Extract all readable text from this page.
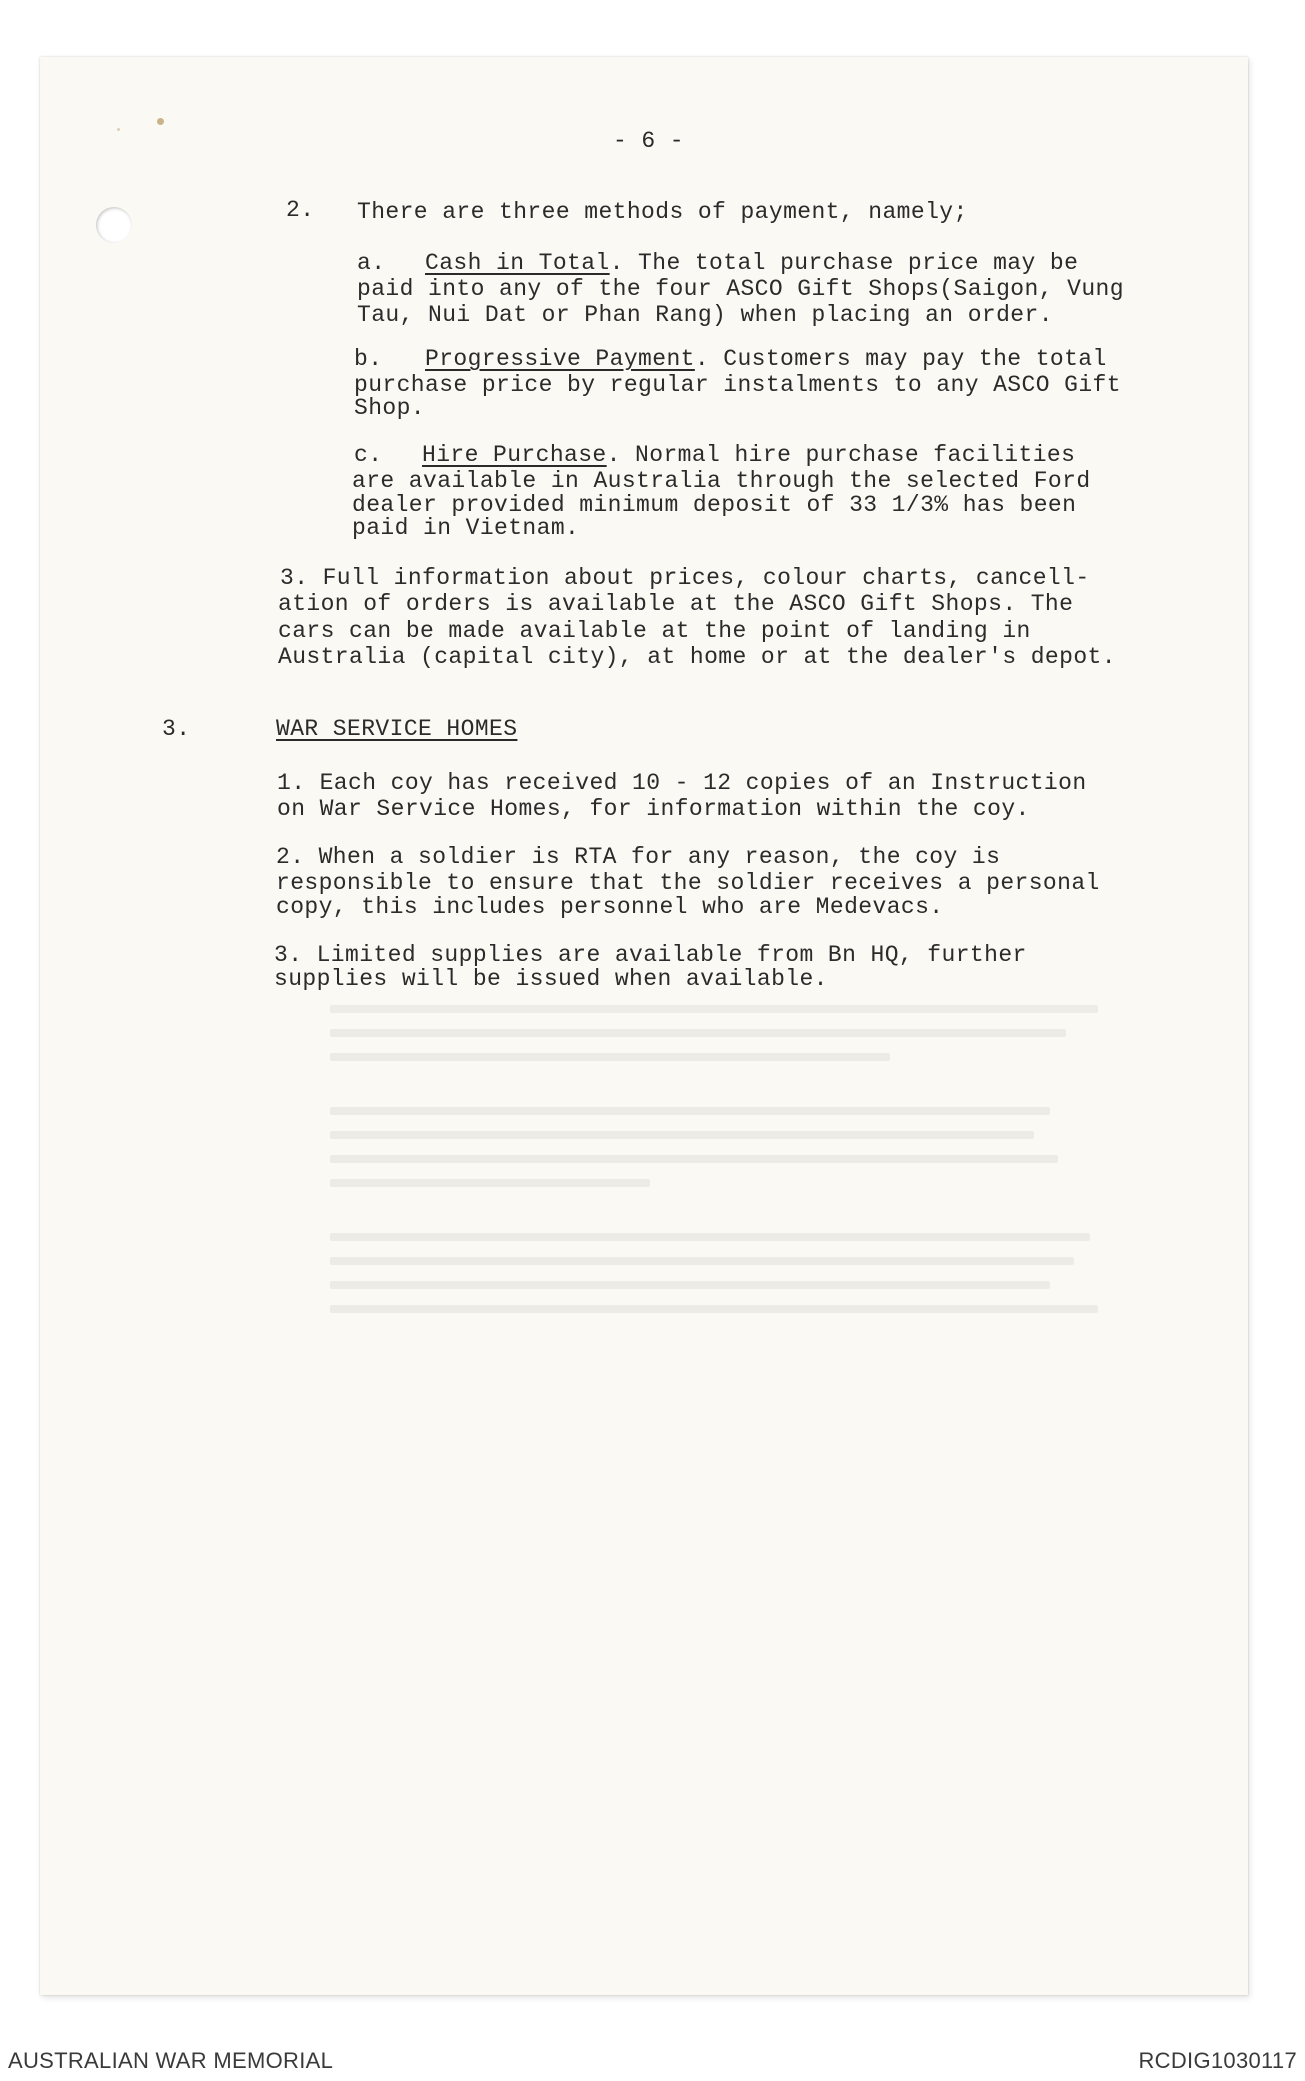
- 6 -
2. There are three methods of payment, namely;
a. Cash in Total. The total purchase price may be
paid into any of the four ASCO Gift Shops(Saigon, Vung
Tau, Nui Dat or Phan Rang) when placing an order.
b. Progressive Payment. Customers may pay the total
purchase price by regular instalments to any ASCO Gift
Shop.
c. Hire Purchase. Normal hire purchase facilities
are available in Australia through the selected Ford
dealer provided minimum deposit of 33 1/3% has been
paid in Vietnam.
3. Full information about prices, colour charts, cancell-
ation of orders is available at the ASCO Gift Shops. The
cars can be made available at the point of landing in
Australia (capital city), at home or at the dealer's depot.
3.	WAR SERVICE HOMES
1. Each coy has received 10 - 12 copies of an Instruction
on War Service Homes, for information within the coy.
2. When a soldier is RTA for any reason, the coy is
responsible to ensure that the soldier receives a personal
copy, this includes personnel who are Medevacs.
3. Limited supplies are available from Bn HQ, further
supplies will be issued when available.
AUSTRALIAN WAR MEMORIAL	RCDIG1030117
